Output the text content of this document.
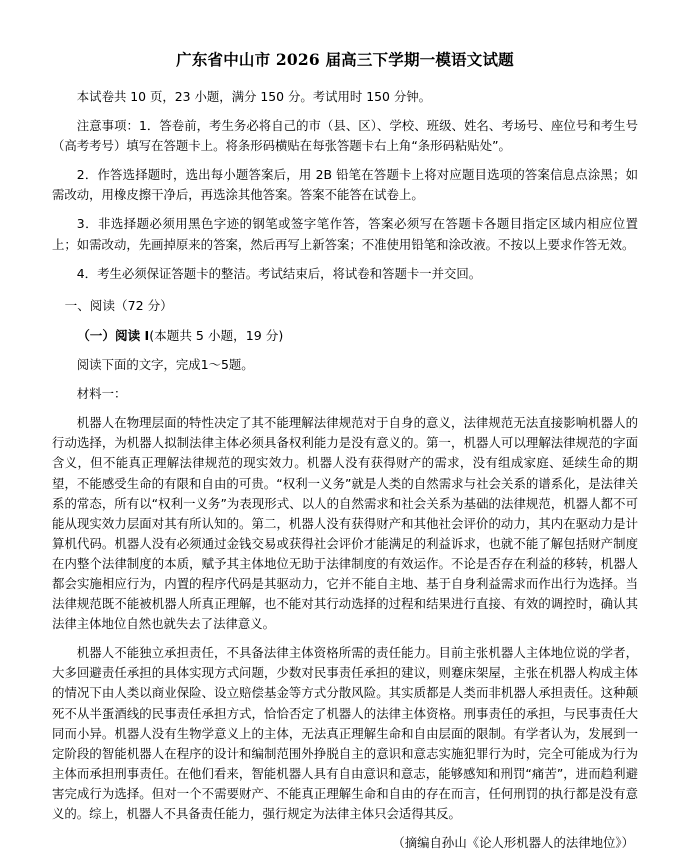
广东省中山市 2026 届高三下学期一模语文试题

本试卷共 10 页，23 小题，满分 150 分。考试用时 150 分钟。

注意事项：1．答卷前，考生务必将自己的市（县、区）、学校、班级、姓名、考场号、座位号和考生号（高考考号）填写在答题卡上。将条形码横贴在每张答题卡右上角“条形码粘贴处”。

2．作答选择题时，选出每小题答案后，用 2B 铅笔在答题卡上将对应题目选项的答案信息点涂黑；如需改动，用橡皮擦干净后，再选涂其他答案。答案不能答在试卷上。

3．非选择题必须用黑色字迹的钢笔或签字笔作答，答案必须写在答题卡各题目指定区域内相应位置上；如需改动，先画掉原来的答案，然后再写上新答案；不准使用铅笔和涂改液。不按以上要求作答无效。

4．考生必须保证答题卡的整洁。考试结束后，将试卷和答题卡一并交回。

一、阅读（72 分）
（一）阅读 I(本题共 5 小题，19 分)

阅读下面的文字，完成1～5题。

材料一：

机器人在物理层面的特性决定了其不能理解法律规范对于自身的意义，法律规范无法直接影响机器人的行动选择，为机器人拟制法律主体必须具备权利能力是没有意义的。第一，机器人可以理解法律规范的字面含义，但不能真正理解法律规范的现实效力。机器人没有获得财产的需求，没有组成家庭、延续生命的期望，不能感受生命的有限和自由的可贵。“权利一义务”就是人类的自然需求与社会关系的谱系化，是法律关系的常态，所有以“权利一义务”为表现形式、以人的自然需求和社会关系为基础的法律规范，机器人都不可能从现实效力层面对其有所认知的。第二，机器人没有获得财产和其他社会评价的动力，其内在驱动力是计算机代码。机器人没有必须通过金钱交易或获得社会评价才能满足的利益诉求，也就不能了解包括财产制度在内整个法律制度的本质，赋予其主体地位无助于法律制度的有效运作。不论是否存在利益的移转，机器人都会实施相应行为，内置的程序代码是其驱动力，它并不能自主地、基于自身利益需求而作出行为选择。当法律规范既不能被机器人所真正理解，也不能对其行动选择的过程和结果进行直接、有效的调控时，确认其法律主体地位自然也就失去了法律意义。

机器人不能独立承担责任，不具备法律主体资格所需的责任能力。目前主张机器人主体地位说的学者，大多回避责任承担的具体实现方式问题，少数对民事责任承担的建议，则蹇床架屋，主张在机器人构成主体的情况下由人类以商业保险、设立赔偿基金等方式分散风险。其实质都是人类而非机器人承担责任。这种颠死不从半蛋酒线的民事责任承担方式，恰恰否定了机器人的法律主体资格。刑事责任的承担，与民事责任大同而小异。机器人没有生物学意义上的主体，无法真正理解生命和自由层面的限制。有学者认为，发展到一定阶段的智能机器人在程序的设计和编制范围外挣脱自主的意识和意志实施犯罪行为时，完全可能成为行为主体而承担刑事责任。在他们看来，智能机器人具有自由意识和意志，能够感知和刑罚“痛苦”，进而趋利避害完成行为选择。但对一个不需要财产、不能真正理解生命和自由的存在而言，任何刑罚的执行都是没有意义的。综上，机器人不具备责任能力，强行规定为法律主体只会适得其反。

（摘编自孙山《论人形机器人的法律地位》）
